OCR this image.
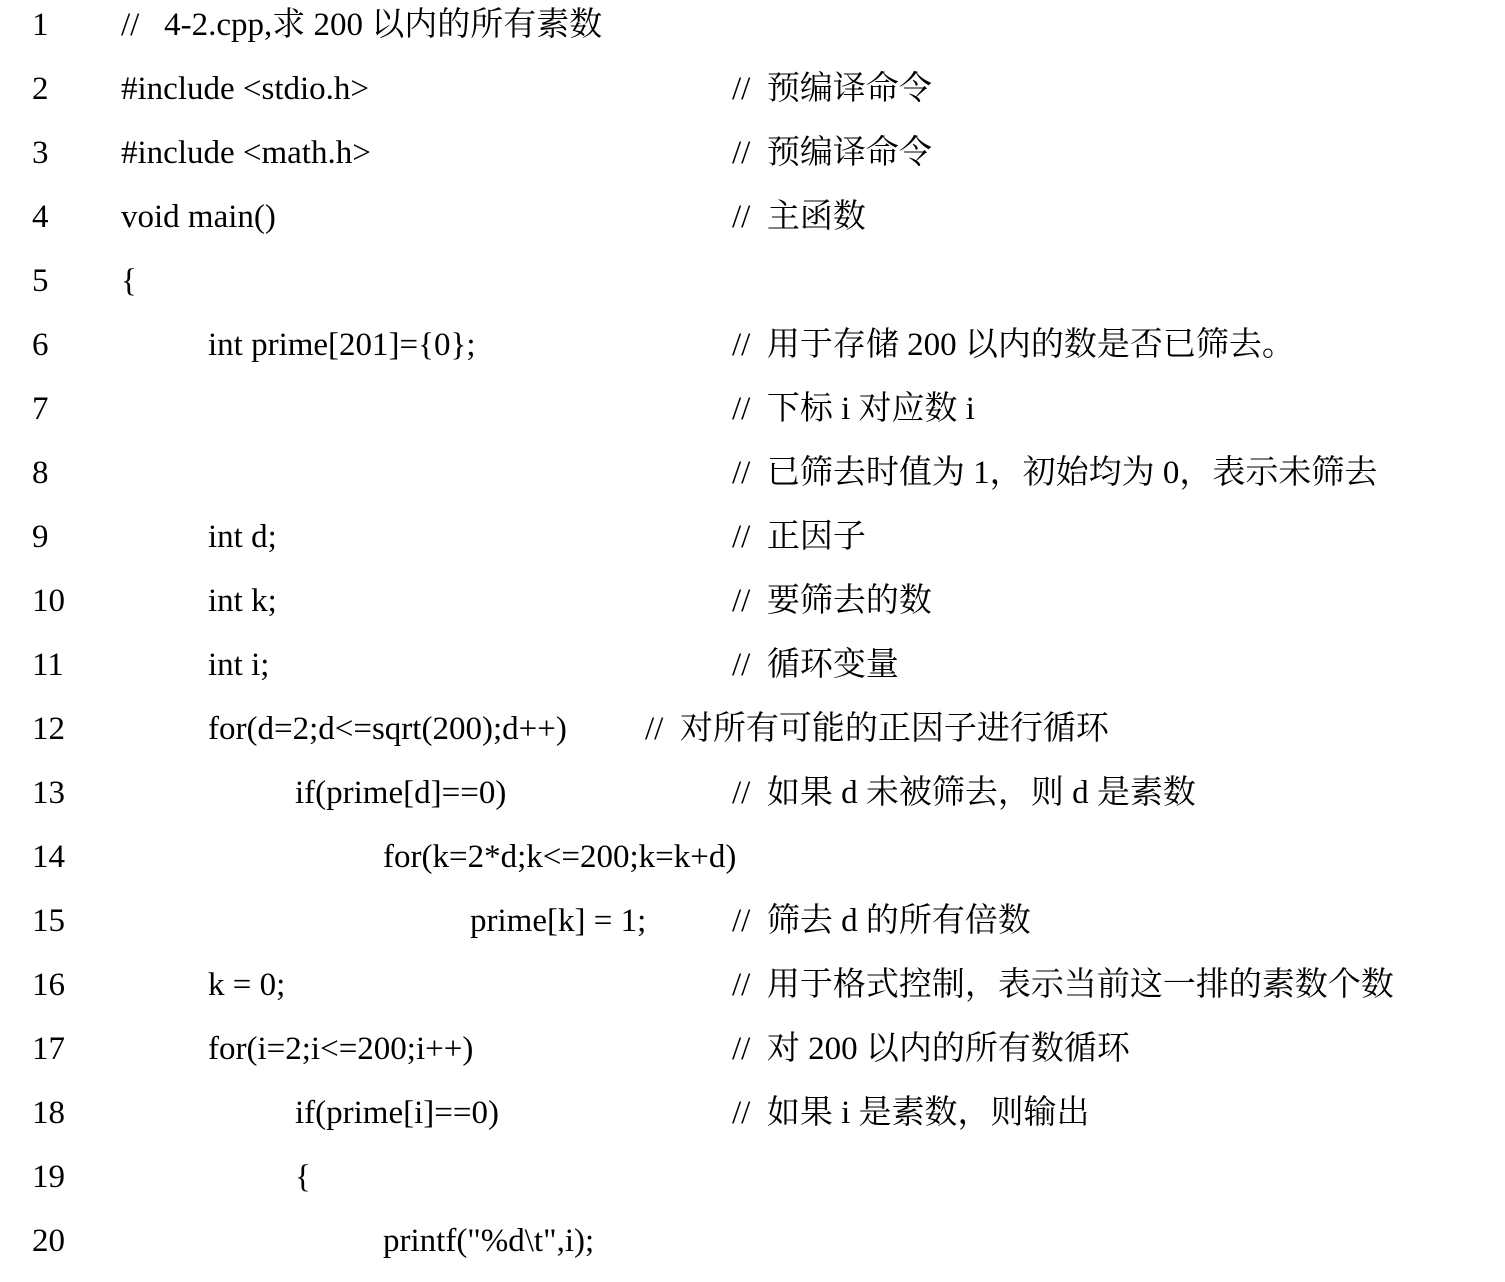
1 //   4-2.cpp,求 200 以内的所有素数
2 #include <stdio.h>	//  预编译命令
3 #include <math.h>	//  预编译命令
4 void main()	//  主函数
5 {
6	int prime[201]={0};	//  用于存储 200 以内的数是否已筛去。
7	//  下标 i 对应数 i
8	//  已筛去时值为 1，初始均为 0，表示未筛去
9	int d;	//  正因子
10	int k;	//  要筛去的数
11	int i;	//  循环变量
12	for(d=2;d<=sqrt(200);d++) //  对所有可能的正因子进行循环
13	if(prime[d]==0)	//  如果 d 未被筛去，则 d 是素数
14	for(k=2*d;k<=200;k=k+d)
15	prime[k] = 1;	//  筛去 d 的所有倍数
16	k = 0;	//  用于格式控制，表示当前这一排的素数个数
17	for(i=2;i<=200;i++)	//  对 200 以内的所有数循环
18	if(prime[i]==0)	//  如果 i 是素数，则输出
19	{
20	printf("%d\t",i);
